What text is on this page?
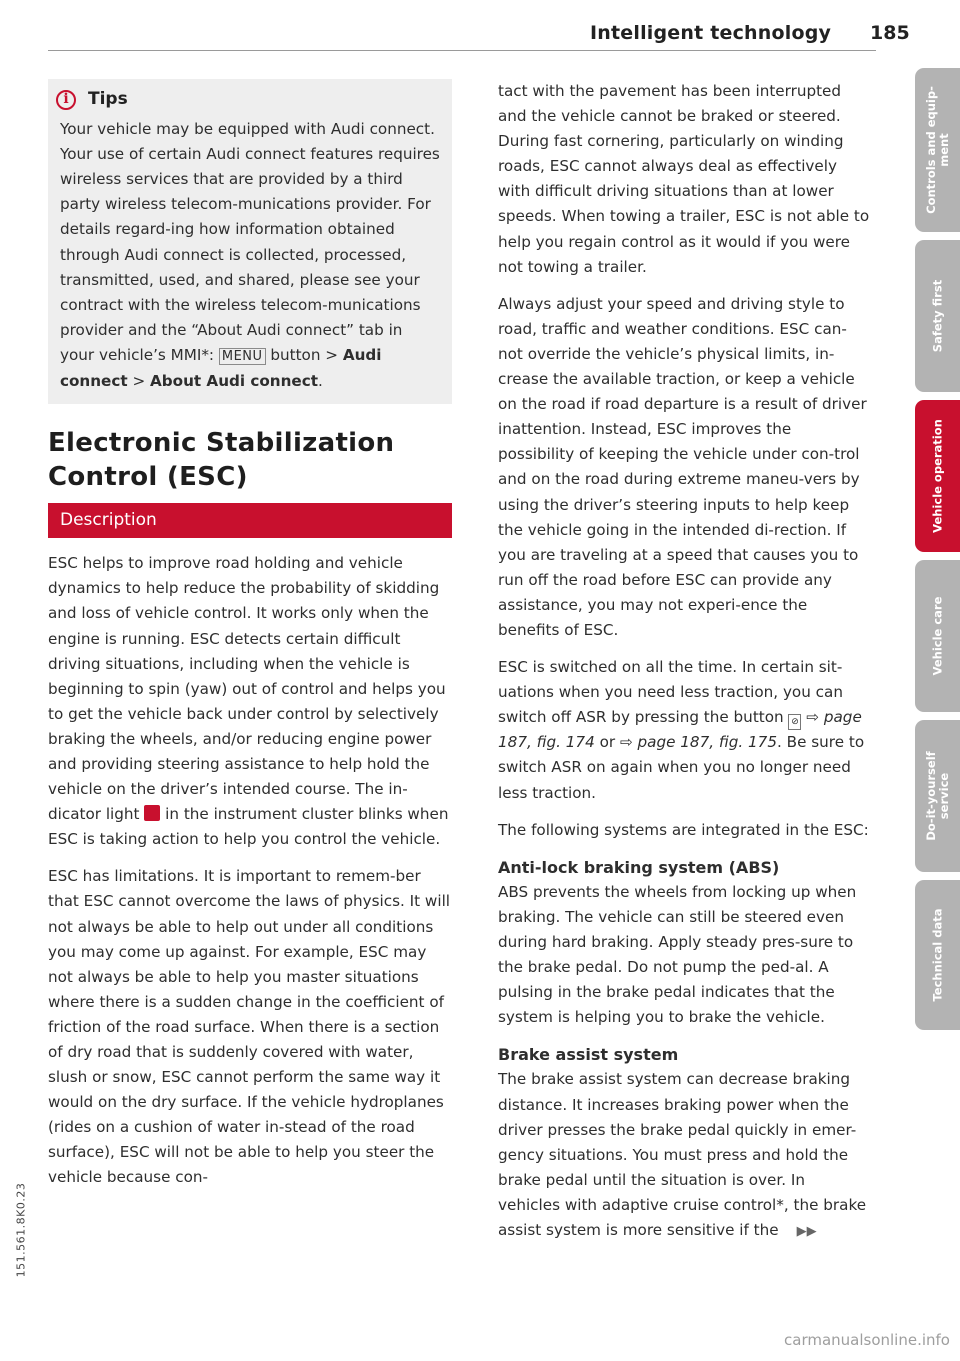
Intelligent technology 185
i	Tips
Your vehicle may be equipped with Audi connect. Your use of certain Audi connect features requires wireless services that are provided by a third party wireless telecom-munications provider. For details regard-ing how information obtained through Audi connect is collected, processed, transmitted, used, and shared, please see your contract with the wireless telecom-munications provider and the “About Audi connect” tab in your vehicle’s MMI*: MENU button > Audi connect > About Audi connect.
Electronic Stabilization Control (ESC)
Description

ESC helps to improve road holding and vehicle dynamics to help reduce the probability of skidding and loss of vehicle control. It works only when the engine is running. ESC detects certain difficult driving situations, including when the vehicle is beginning to spin (yaw) out of control and helps you to get the vehicle back under control by selectively braking the wheels, and/or reducing engine power and providing steering assistance to help hold the vehicle on the driver’s intended course. The in-dicator light  in the instrument cluster blinks when ESC is taking action to help you control the vehicle.

ESC has limitations. It is important to remem-ber that ESC cannot overcome the laws of physics. It will not always be able to help out under all conditions you may come up against. For example, ESC may not always be able to help you master situations where there is a sudden change in the coefficient of friction of the road surface. When there is a section of dry road that is suddenly covered with water, slush or snow, ESC cannot perform the same way it would on the dry surface. If the vehicle hydroplanes (rides on a cushion of water in-stead of the road surface), ESC will not be able to help you steer the vehicle because con-

tact with the pavement has been interrupted and the vehicle cannot be braked or steered. During fast cornering, particularly on winding roads, ESC cannot always deal as effectively with difficult driving situations than at lower speeds. When towing a trailer, ESC is not able to help you regain control as it would if you were not towing a trailer.

Always adjust your speed and driving style to road, traffic and weather conditions. ESC can-not override the vehicle’s physical limits, in-crease the available traction, or keep a vehicle on the road if road departure is a result of driver inattention. Instead, ESC improves the possibility of keeping the vehicle under con-trol and on the road during extreme maneu-vers by using the driver’s steering inputs to help keep the vehicle going in the intended di-rection. If you are traveling at a speed that causes you to run off the road before ESC can provide any assistance, you may not experi-ence the benefits of ESC.

ESC is switched on all the time. In certain sit-uations when you need less traction, you can switch off ASR by pressing the button ⊘ ⇨ page 187, fig. 174 or ⇨ page 187, fig. 175. Be sure to switch ASR on again when you no longer need less traction.

The following systems are integrated in the ESC:

Anti-lock braking system (ABS)

ABS prevents the wheels from locking up when braking. The vehicle can still be steered even during hard braking. Apply steady pres-sure to the brake pedal. Do not pump the ped-al. A pulsing in the brake pedal indicates that the system is helping you to brake the vehicle.

Brake assist system

The brake assist system can decrease braking distance. It increases braking power when the driver presses the brake pedal quickly in emer-gency situations. You must press and hold the brake pedal until the situation is over. In vehicles with adaptive cruise control*, the brake assist system is more sensitive if the ▶▶

Controls and equip-
ment
Safety first
Vehicle operation
Vehicle care
Do-it-yourself
service
Technical data
151.561.8K0.23
carmanualsonline.info
